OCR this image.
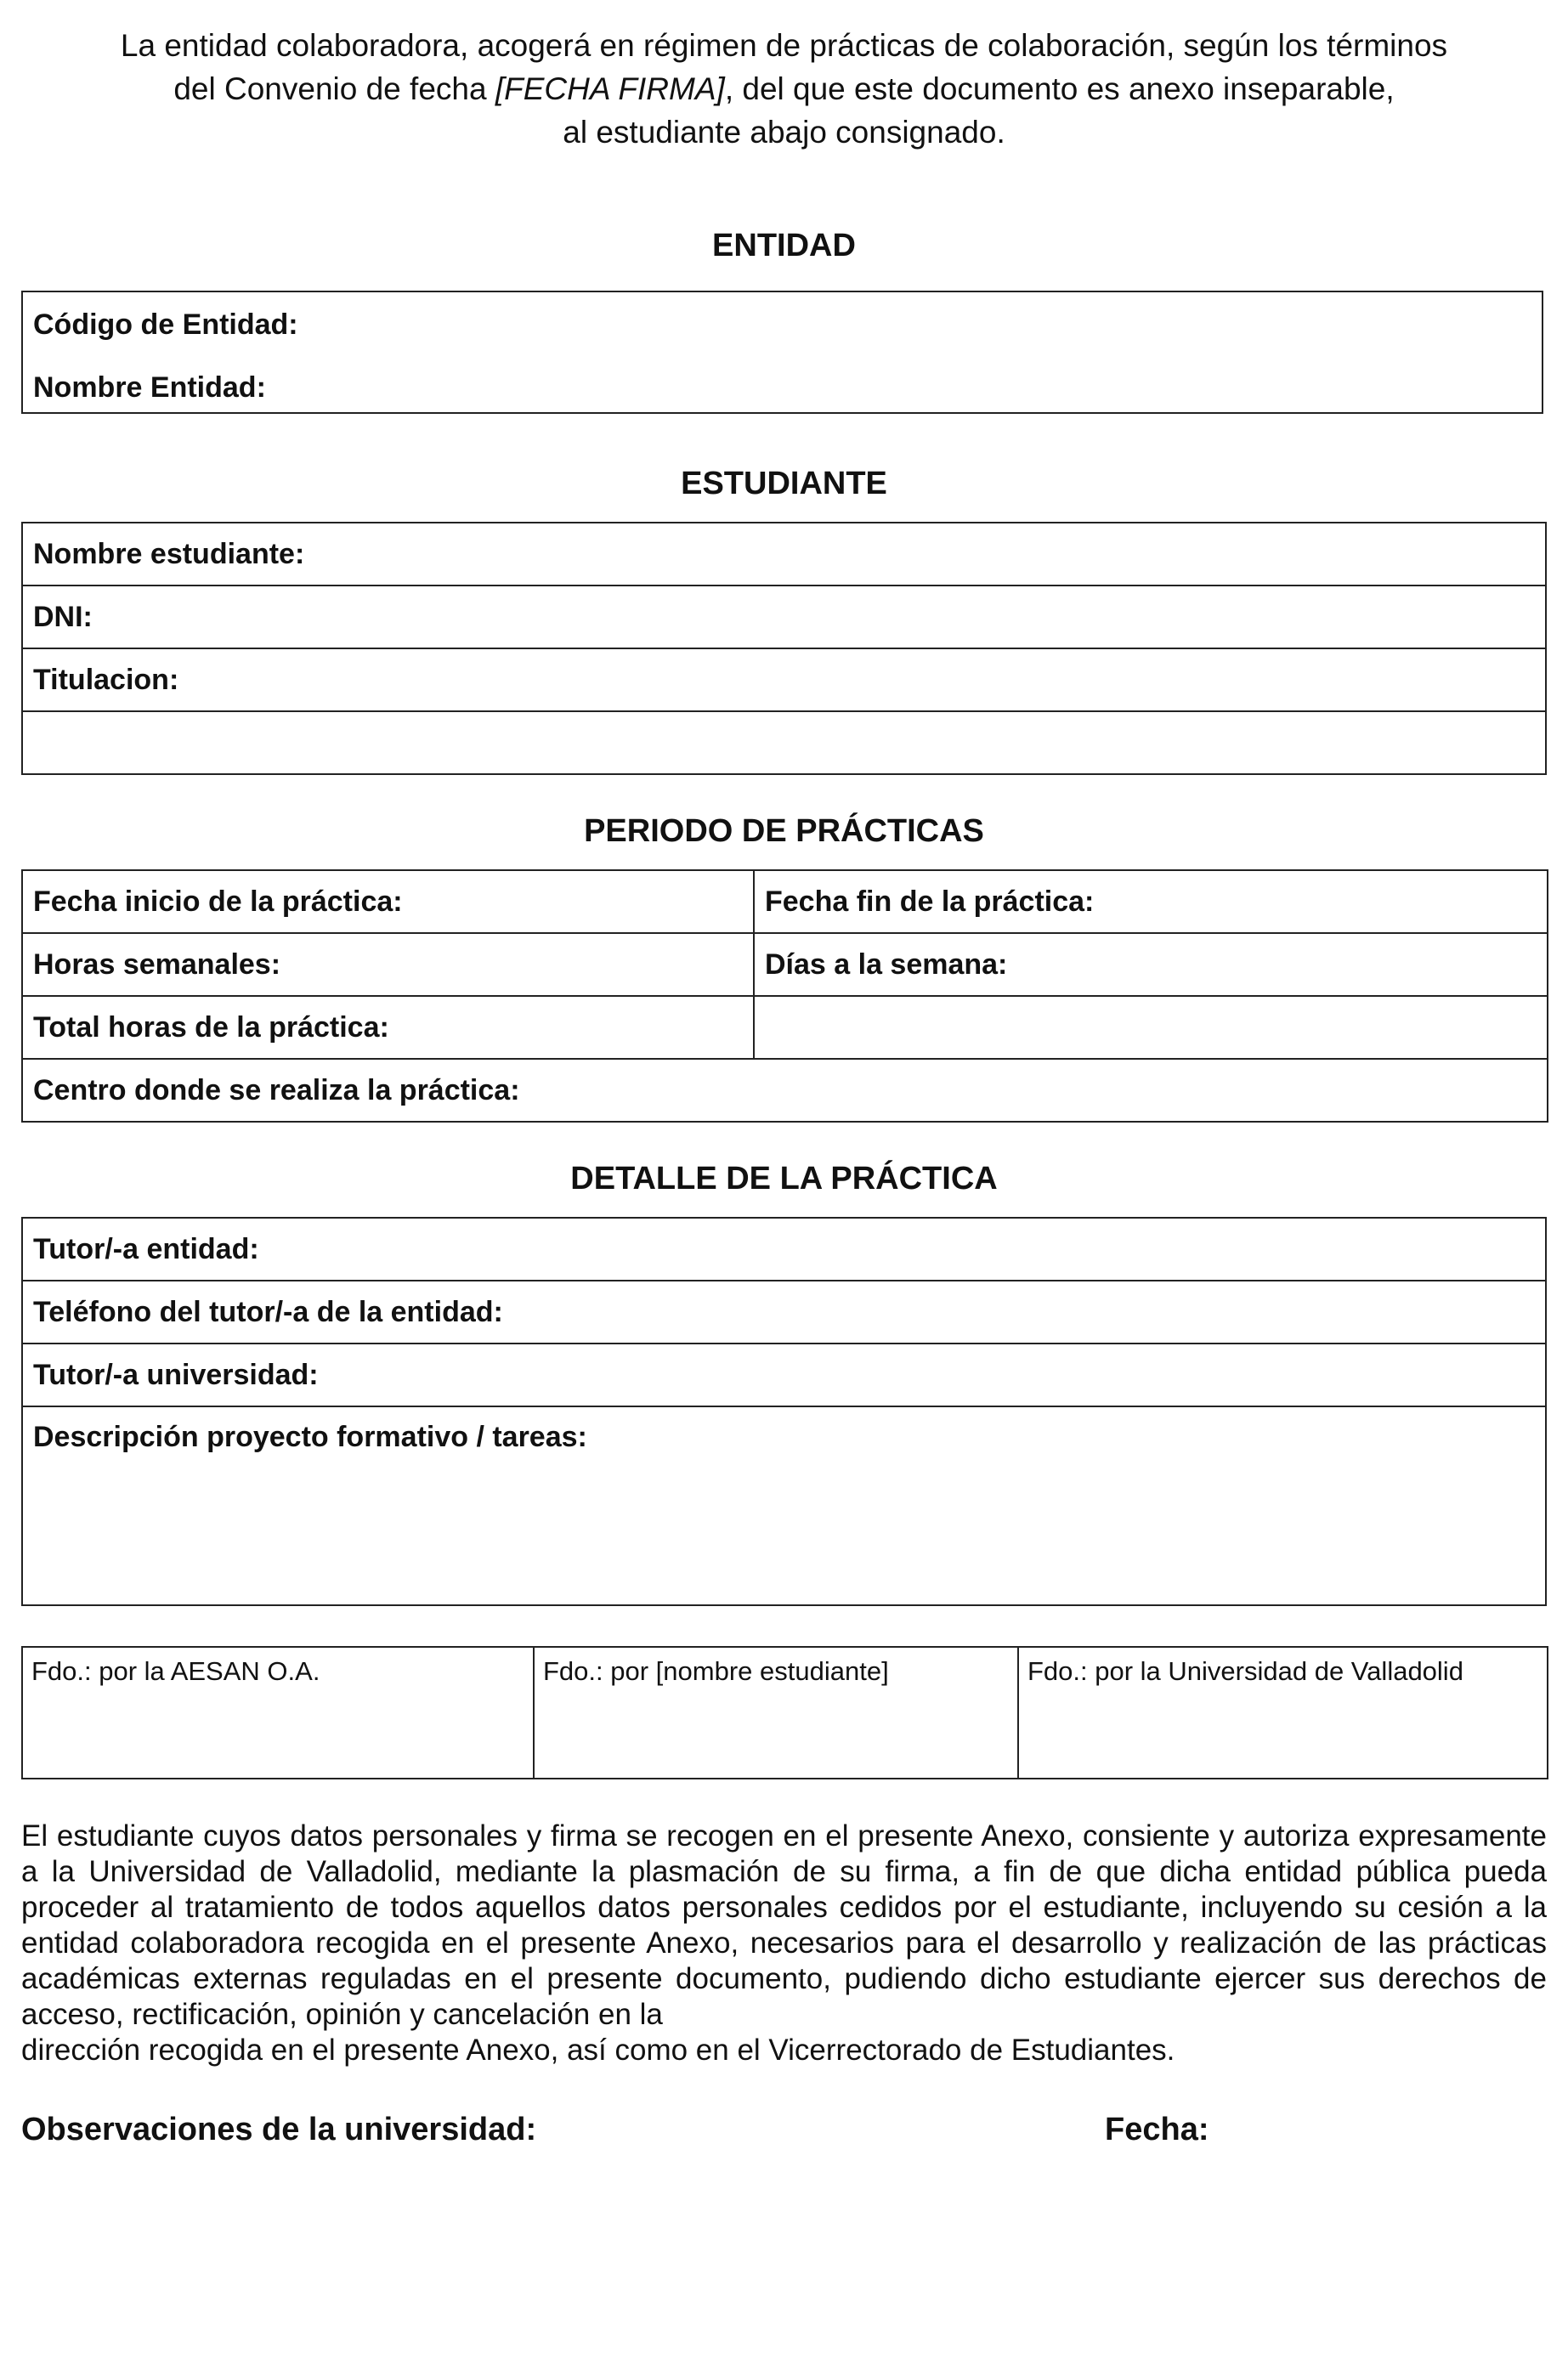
La entidad colaboradora, acogerá en régimen de prácticas de colaboración, según los términos
del Convenio de fecha [FECHA FIRMA], del que este documento es anexo inseparable,
al estudiante abajo consignado.
ENTIDAD
Código de Entidad:
Nombre Entidad:
ESTUDIANTE
Nombre estudiante:
DNI:
Titulacion:

PERIODO DE PRÁCTICAS
Fecha inicio de la práctica:	Fecha fin de la práctica:
Horas semanales:	Días a la semana:
Total horas de la práctica:	
Centro donde se realiza la práctica:	
DETALLE DE LA PRÁCTICA
Tutor/-a entidad:
Teléfono del tutor/-a de la entidad:
Tutor/-a universidad:
Descripción proyecto formativo / tareas:
Fdo.: por la AESAN O.A.	Fdo.: por [nombre estudiante]	Fdo.: por la Universidad de Valladolid
El estudiante cuyos datos personales y firma se recogen en el presente Anexo, consiente y autoriza expresamente a la Universidad de Valladolid, mediante la plasmación de su firma, a fin de que dicha entidad pública pueda proceder al tratamiento de todos aquellos datos personales cedidos por el estudiante, incluyendo su cesión a la entidad colaboradora recogida en el presente Anexo, necesarios para el desarrollo y realización de las prácticas académicas externas reguladas en el presente documento, pudiendo dicho estudiante ejercer sus derechos de acceso, rectificación, opinión y cancelación en la
dirección recogida en el presente Anexo, así como en el Vicerrectorado de Estudiantes.
Observaciones de la universidad:	Fecha:
